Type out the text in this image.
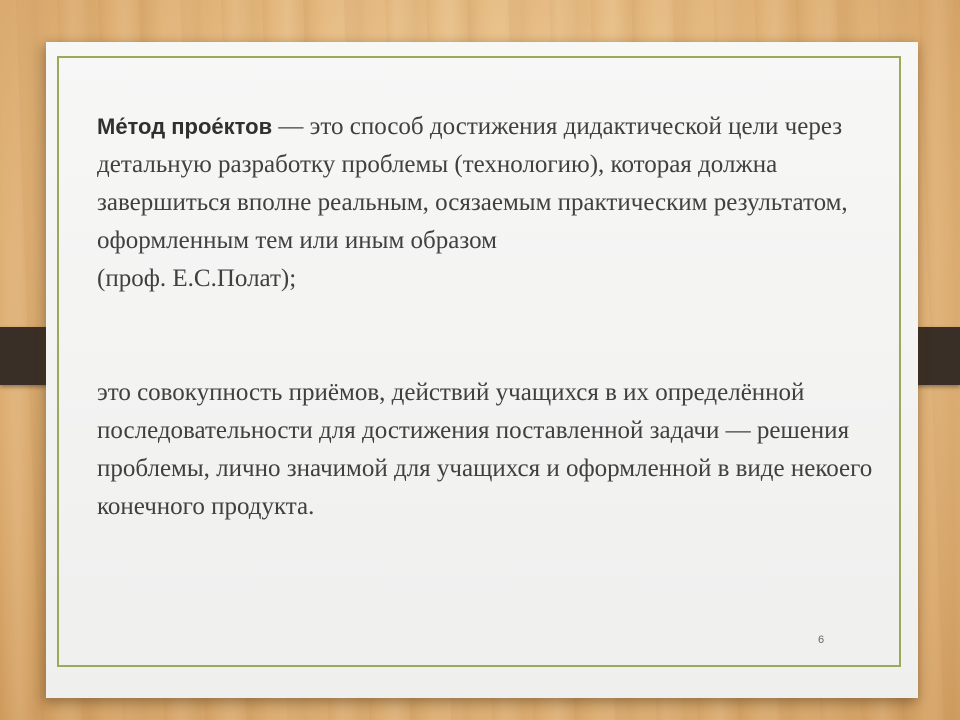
Ме́тод прое́ктов — это способ достижения дидактической цели через детальную разработку проблемы (технологию), которая должна завершиться вполне реальным, осязаемым практическим результатом, оформленным тем или иным образом

(проф. Е.С.Полат);

это совокупность приёмов, действий учащихся в их определённой последовательности для достижения поставленной задачи — решения проблемы, лично значимой для учащихся и оформленной в виде некоего конечного продукта.

6
